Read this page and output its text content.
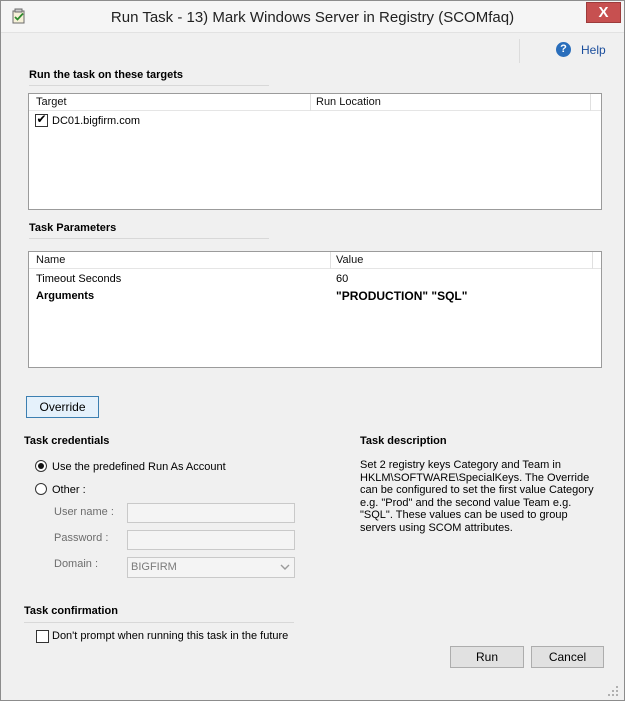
Run Task - 13) Mark Windows Server in Registry (SCOMfaq)	X
?	Help
Run the task on these targets
Target	Run Location
✔ DC01.bigfirm.com
Task Parameters
Name	Value
Timeout Seconds	60
Arguments	"PRODUCTION" "SQL"
Override
Task credentials
Use the predefined Run As Account
Other :
User name :
Password :
Domain :	BIGFIRM
Task description
Set 2 registry keys Category and Team in HKLM\SOFTWARE\SpecialKeys. The Override can be configured to set the first value Category e.g. "Prod" and the second value Team e.g. "SQL". These values can be used to group servers using SCOM attributes.
Task confirmation
Don't prompt when running this task in the future
Run	Cancel
